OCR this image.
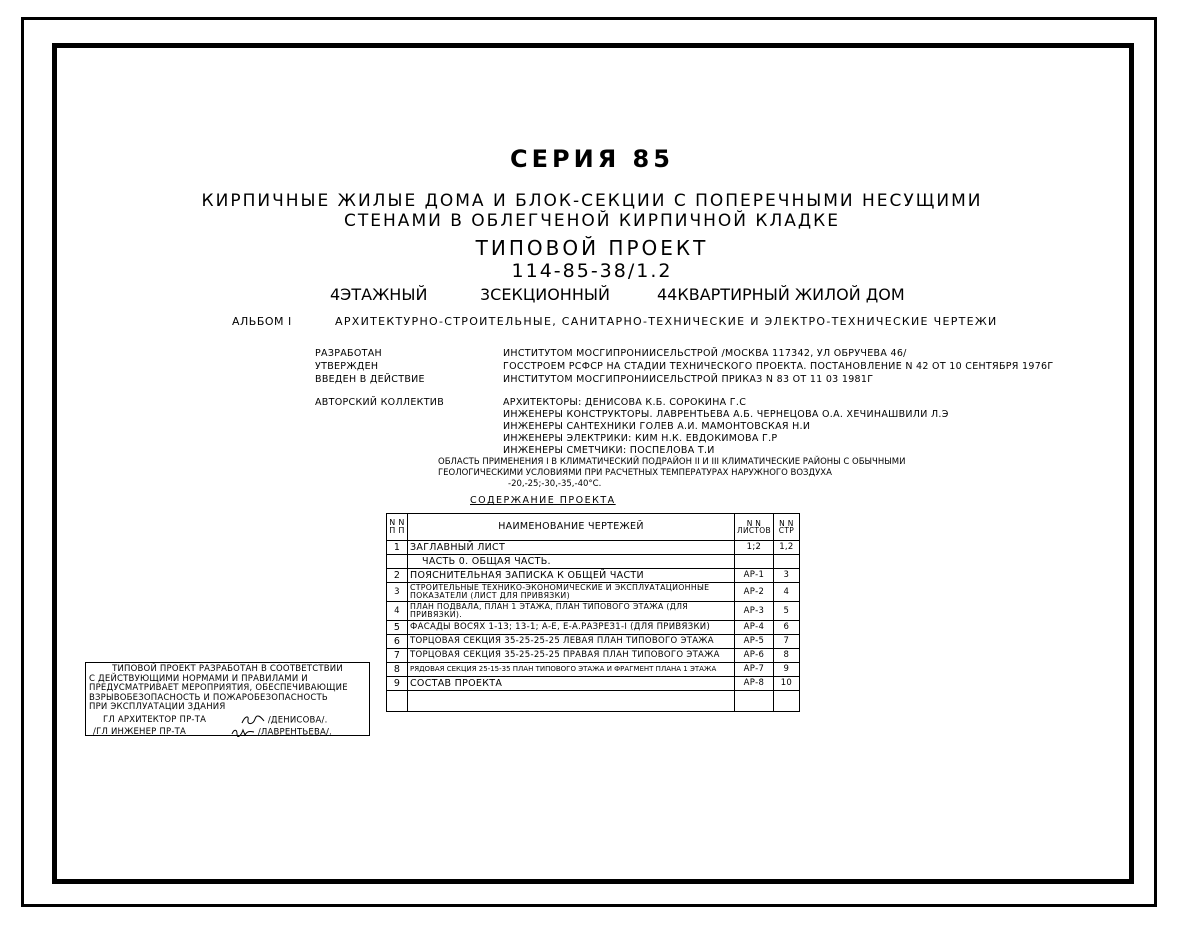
СЕРИЯ 85
КИРПИЧНЫЕ ЖИЛЫЕ ДОМА И БЛОК-СЕКЦИИ С ПОПЕРЕЧНЫМИ НЕСУЩИМИ
СТЕНАМИ В ОБЛЕГЧЕНОЙ КИРПИЧНОЙ КЛАДКЕ
ТИПОВОЙ ПРОЕКТ
114-85-38/1.2
4ЭТАЖНЫЙ	3СЕКЦИОННЫЙ	44КВАРТИРНЫЙ ЖИЛОЙ ДОМ
АЛЬБОМ I	АРХИТЕКТУРНО-СТРОИТЕЛЬНЫЕ, САНИТАРНО-ТЕХНИЧЕСКИЕ И ЭЛЕКТРО-ТЕХНИЧЕСКИЕ ЧЕРТЕЖИ
РАЗРАБОТАН	ИНСТИТУТОМ МОСГИПРОНИИСЕЛЬСТРОЙ /МОСКВА 117342, УЛ ОБРУЧЕВА 46/
УТВЕРЖДЕН	ГОССТРОЕМ РСФСР НА СТАДИИ ТЕХНИЧЕСКОГО ПРОЕКТА. ПОСТАНОВЛЕНИЕ N 42 ОТ 10 СЕНТЯБРЯ 1976Г
ВВЕДЕН В ДЕЙСТВИЕ	ИНСТИТУТОМ МОСГИПРОНИИСЕЛЬСТРОЙ ПРИКАЗ N 83 ОТ 11 03 1981Г
АВТОРСКИЙ КОЛЛЕКТИВ	АРХИТЕКТОРЫ: ДЕНИСОВА К.Б. СОРОКИНА Г.С
ИНЖЕНЕРЫ КОНСТРУКТОРЫ. ЛАВРЕНТЬЕВА А.Б. ЧЕРНЕЦОВА О.А. ХЕЧИНАШВИЛИ Л.Э
ИНЖЕНЕРЫ САНТЕХНИКИ ГОЛЕВ А.И. МАМОНТОВСКАЯ Н.И
ИНЖЕНЕРЫ ЭЛЕКТРИКИ: КИМ Н.К. ЕВДОКИМОВА Г.Р
ИНЖЕНЕРЫ СМЕТЧИКИ: ПОСПЕЛОВА Т.И
ОБЛАСТЬ ПРИМЕНЕНИЯ I В КЛИМАТИЧЕСКИЙ ПОДРАЙОН II И III КЛИМАТИЧЕСКИЕ РАЙОНЫ С ОБЫЧНЫМИ
ГЕОЛОГИЧЕСКИМИ УСЛОВИЯМИ ПРИ РАСЧЕТНЫХ ТЕМПЕРАТУРАХ НАРУЖНОГО ВОЗДУХА
-20,-25;-30,-35,-40°С.
СОДЕРЖАНИЕ ПРОЕКТА
N N П П	НАИМЕНОВАНИЕ ЧЕРТЕЖЕЙ	N N ЛИСТОВ	N N СТР
1	ЗАГЛАВНЫЙ ЛИСТ	1;2	1,2
	ЧАСТЬ 0. ОБЩАЯ ЧАСТЬ.		
2	ПОЯСНИТЕЛЬНАЯ ЗАПИСКА К ОБЩЕЙ ЧАСТИ	АР-1	3
3	СТРОИТЕЛЬНЫЕ ТЕХНИКО-ЭКОНОМИЧЕСКИЕ И ЭКСПЛУАТАЦИОННЫЕ ПОКАЗАТЕЛИ (ЛИСТ ДЛЯ ПРИВЯЗКИ)	АР-2	4
4	ПЛАН ПОДВАЛА, ПЛАН 1 ЭТАЖА, ПЛАН ТИПОВОГО ЭТАЖА (ДЛЯ ПРИВЯЗКИ).	АР-3	5
5	ФАСАДЫ ВОСЯХ 1-13; 13-1; А-Е, Е-А.РАЗРЕЗ1-I (ДЛЯ ПРИВЯЗКИ)	АР-4	6
6	ТОРЦОВАЯ СЕКЦИЯ 35-25-25-25 ЛЕВАЯ ПЛАН ТИПОВОГО ЭТАЖА	АР-5	7
7	ТОРЦОВАЯ СЕКЦИЯ 35-25-25-25 ПРАВАЯ ПЛАН ТИПОВОГО ЭТАЖА	АР-6	8
8	РЯДОВАЯ СЕКЦИЯ 25-15-35 ПЛАН ТИПОВОГО ЭТАЖА И ФРАГМЕНТ ПЛАНА 1 ЭТАЖА	АР-7	9
9	СОСТАВ ПРОЕКТА	АР-8	10

ТИПОВОЙ ПРОЕКТ РАЗРАБОТАН В СООТВЕТСТВИИ
С ДЕЙСТВУЮЩИМИ НОРМАМИ И ПРАВИЛАМИ И
ПРЕДУСМАТРИВАЕТ МЕРОПРИЯТИЯ, ОБЕСПЕЧИВАЮЩИЕ
ВЗРЫВОБЕЗОПАСНОСТЬ И ПОЖАРОБЕЗОПАСНОСТЬ
ПРИ ЭКСПЛУАТАЦИИ ЗДАНИЯ
ГЛ АРХИТЕКТОР ПР-ТА	/ДЕНИСОВА/.
/ГЛ ИНЖЕНЕР ПР-ТА	/ЛАВРЕНТЬЕВА/.
